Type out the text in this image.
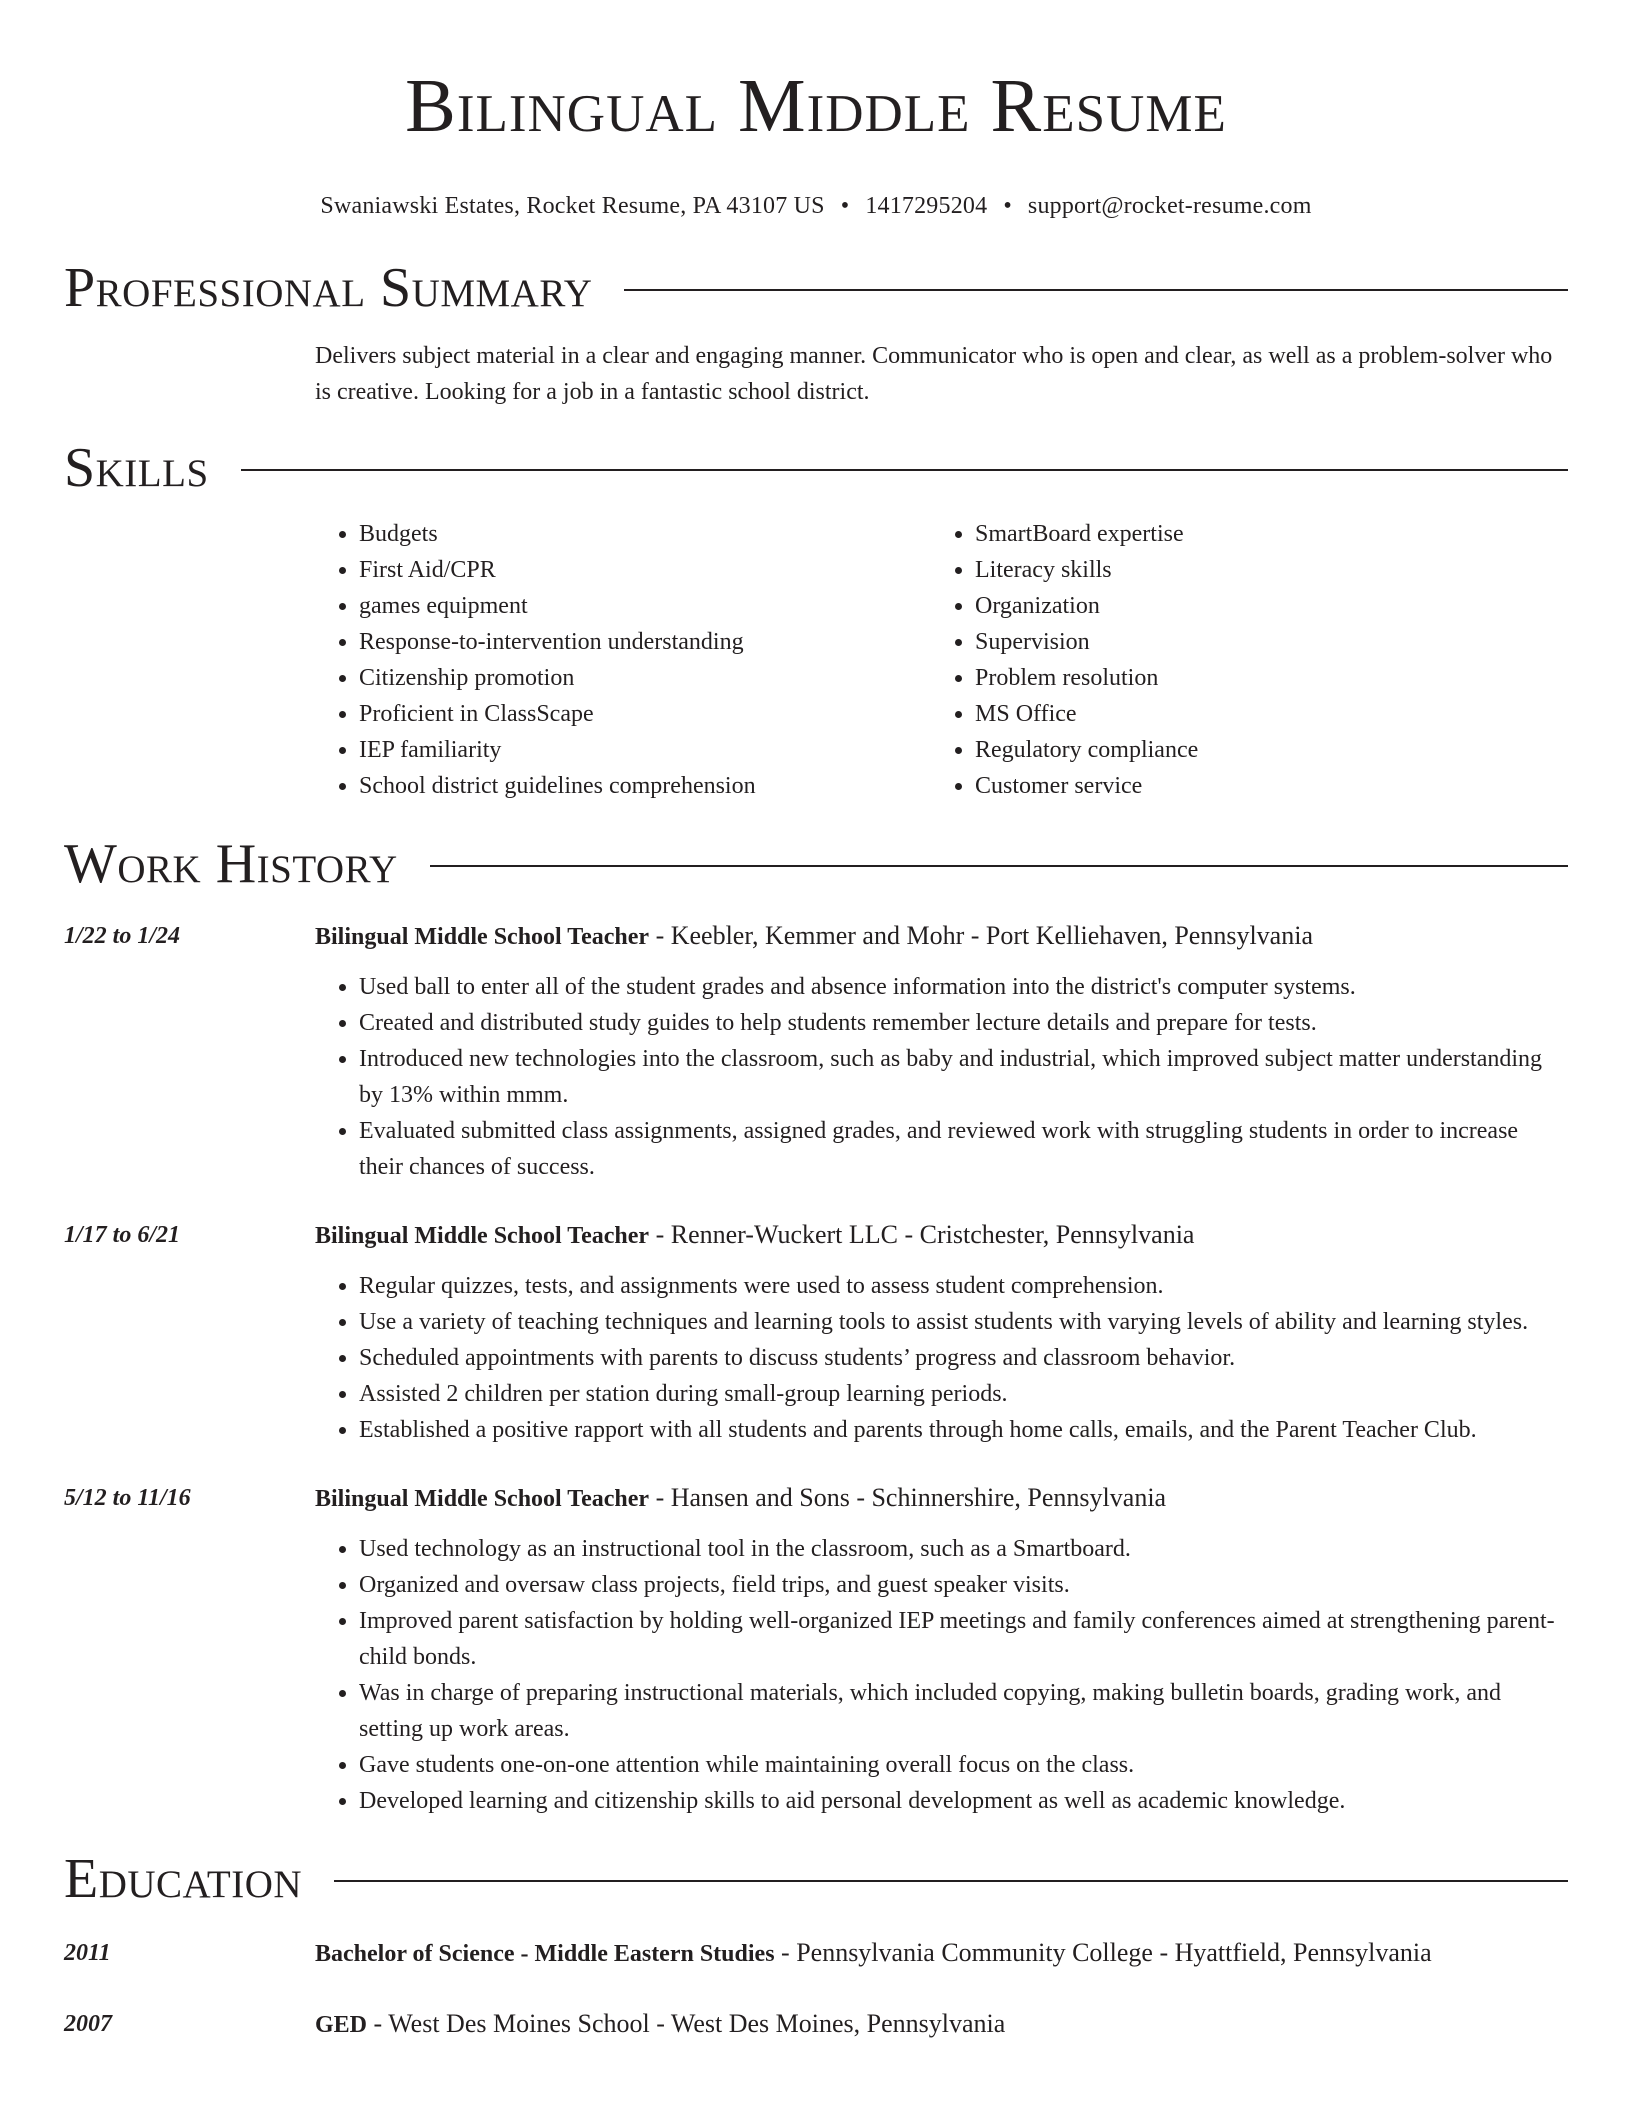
Bilingual Middle Resume
Swaniawski Estates, Rocket Resume, PA 43107 US • 1417295204 • support@rocket-resume.com
Professional Summary
Delivers subject material in a clear and engaging manner. Communicator who is open and clear, as well as a problem-solver who is creative. Looking for a job in a fantastic school district.
Skills
• Budgets
• First Aid/CPR
• games equipment
• Response-to-intervention understanding
• Citizenship promotion
• Proficient in ClassScape
• IEP familiarity
• School district guidelines comprehension
• SmartBoard expertise
• Literacy skills
• Organization
• Supervision
• Problem resolution
• MS Office
• Regulatory compliance
• Customer service
Work History
1/22 to 1/24	Bilingual Middle School Teacher - Keebler, Kemmer and Mohr - Port Kelliehaven, Pennsylvania
• Used ball to enter all of the student grades and absence information into the district's computer systems.
• Created and distributed study guides to help students remember lecture details and prepare for tests.
• Introduced new technologies into the classroom, such as baby and industrial, which improved subject matter understanding by 13% within mmm.
• Evaluated submitted class assignments, assigned grades, and reviewed work with struggling students in order to increase their chances of success.
1/17 to 6/21	Bilingual Middle School Teacher - Renner-Wuckert LLC - Cristchester, Pennsylvania
• Regular quizzes, tests, and assignments were used to assess student comprehension.
• Use a variety of teaching techniques and learning tools to assist students with varying levels of ability and learning styles.
• Scheduled appointments with parents to discuss students’ progress and classroom behavior.
• Assisted 2 children per station during small-group learning periods.
• Established a positive rapport with all students and parents through home calls, emails, and the Parent Teacher Club.
5/12 to 11/16	Bilingual Middle School Teacher - Hansen and Sons - Schinnershire, Pennsylvania
• Used technology as an instructional tool in the classroom, such as a Smartboard.
• Organized and oversaw class projects, field trips, and guest speaker visits.
• Improved parent satisfaction by holding well-organized IEP meetings and family conferences aimed at strengthening parent-child bonds.
• Was in charge of preparing instructional materials, which included copying, making bulletin boards, grading work, and setting up work areas.
• Gave students one-on-one attention while maintaining overall focus on the class.
• Developed learning and citizenship skills to aid personal development as well as academic knowledge.
Education
2011	Bachelor of Science - Middle Eastern Studies - Pennsylvania Community College - Hyattfield, Pennsylvania
2007	GED - West Des Moines School - West Des Moines, Pennsylvania
